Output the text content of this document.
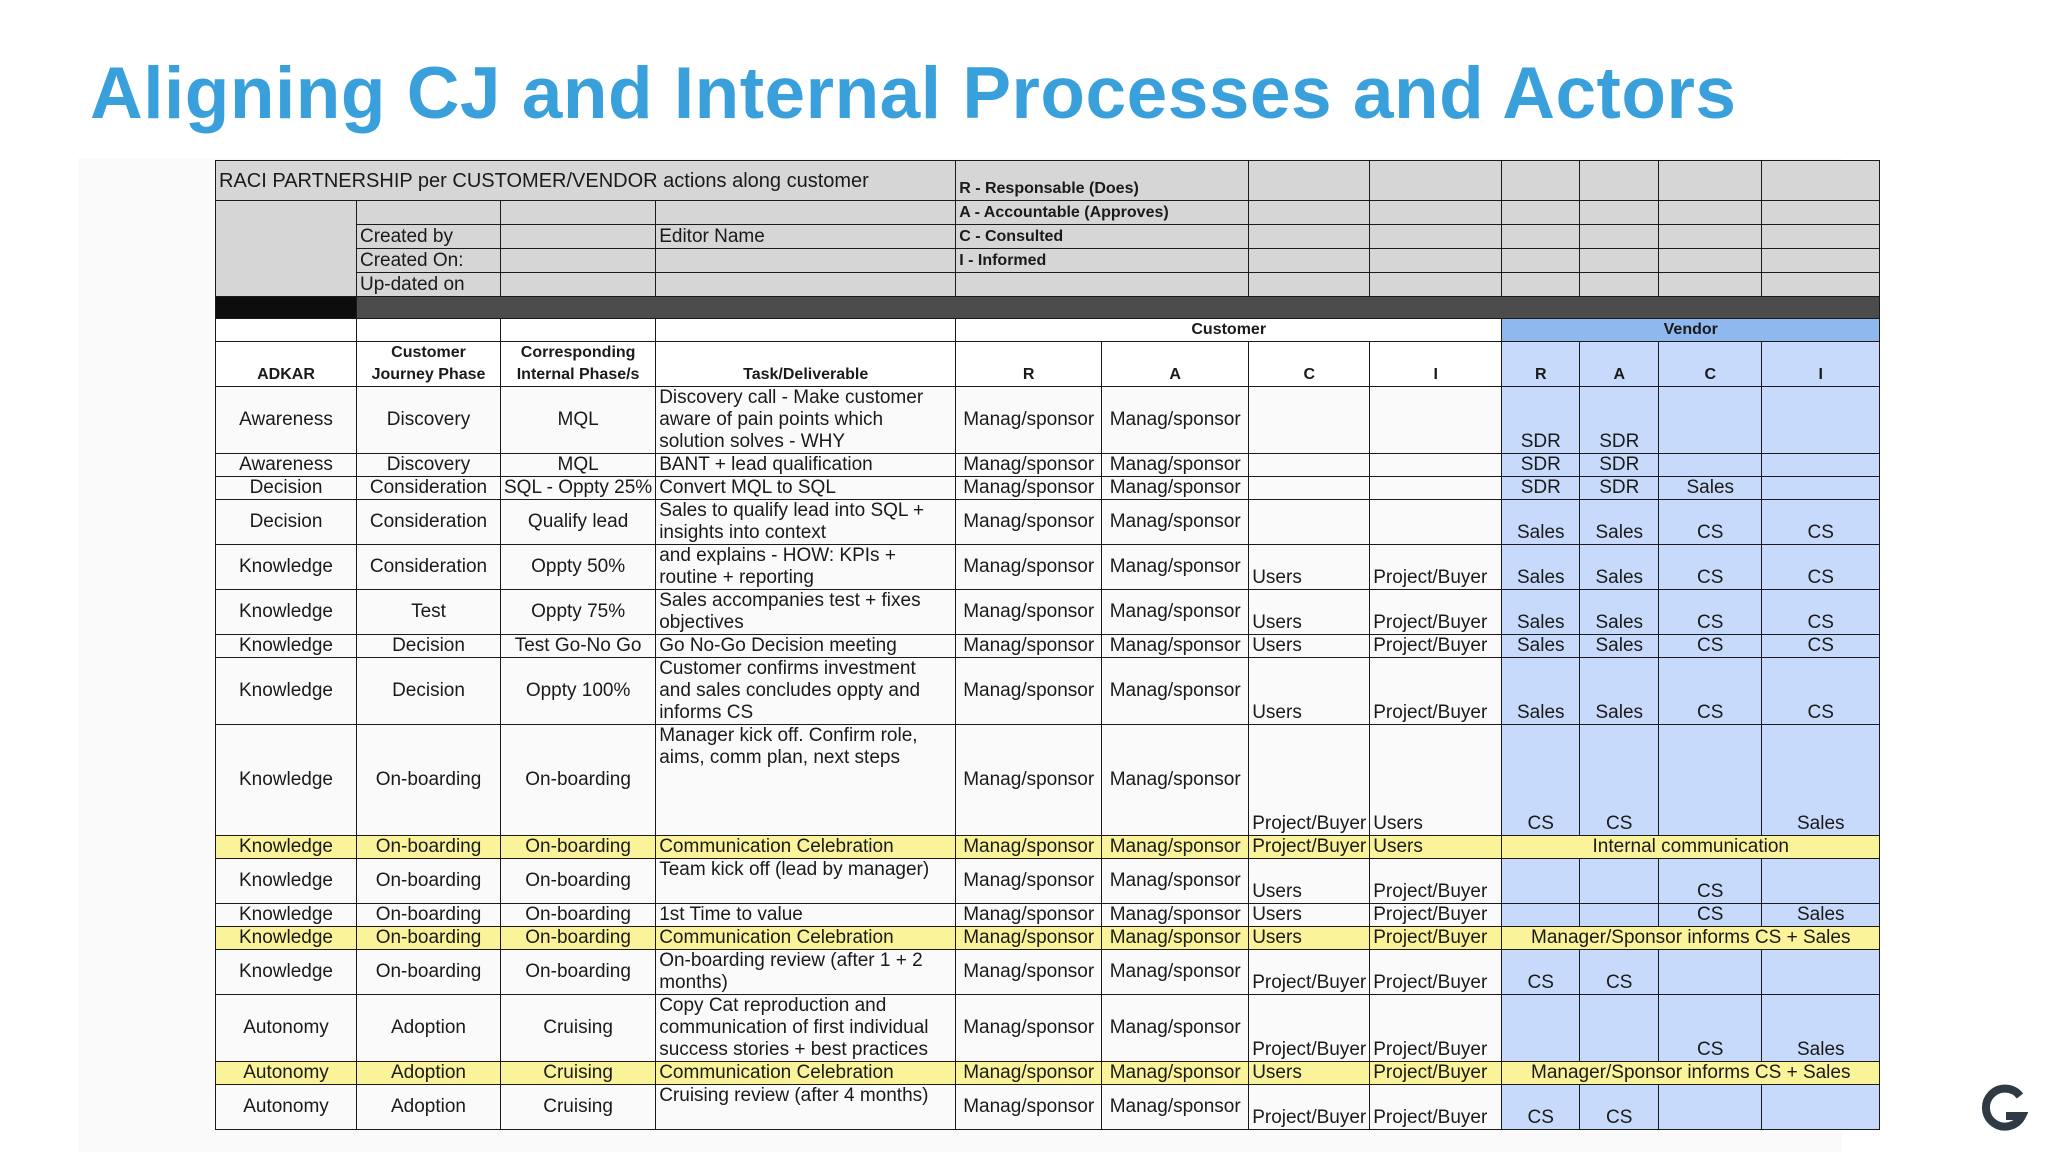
Aligning CJ and Internal Processes and Actors
RACI PARTNERSHIP per CUSTOMER/VENDOR actions along customer				R - Responsable (Does)							
				A - Accountable (Approves)							
	Created by		Editor Name	C - Consulted							
	Created On:			I - Informed							
	Up-dated on										

				Customer				Vendor			
ADKAR	Customer Journey Phase	Corresponding Internal Phase/s	Task/Deliverable	R	A	C	I	R	A	C	I
Awareness	Discovery	MQL	Discovery call - Make customer aware of pain points which solution solves - WHY	Manag/sponsor	Manag/sponsor			SDR	SDR		
Awareness	Discovery	MQL	BANT + lead qualification	Manag/sponsor	Manag/sponsor			SDR	SDR		
Decision	Consideration	SQL - Oppty 25%	Convert MQL to SQL	Manag/sponsor	Manag/sponsor			SDR	SDR	Sales	
Decision	Consideration	Qualify lead	Sales to qualify lead into SQL + insights into context	Manag/sponsor	Manag/sponsor			Sales	Sales	CS	CS
Knowledge	Consideration	Oppty 50%	and explains - HOW: KPIs + routine + reporting	Manag/sponsor	Manag/sponsor	Users	Project/Buyer	Sales	Sales	CS	CS
Knowledge	Test	Oppty 75%	Sales accompanies test + fixes objectives	Manag/sponsor	Manag/sponsor	Users	Project/Buyer	Sales	Sales	CS	CS
Knowledge	Decision	Test Go-No Go	Go No-Go Decision meeting	Manag/sponsor	Manag/sponsor	Users	Project/Buyer	Sales	Sales	CS	CS
Knowledge	Decision	Oppty 100%	Customer confirms investment and sales concludes oppty and informs CS	Manag/sponsor	Manag/sponsor	Users	Project/Buyer	Sales	Sales	CS	CS
Knowledge	On-boarding	On-boarding	Manager kick off. Confirm role, aims, comm plan, next steps	Manag/sponsor	Manag/sponsor	Project/Buyer	Users	CS	CS		Sales
Knowledge	On-boarding	On-boarding	Communication Celebration	Manag/sponsor	Manag/sponsor	Project/Buyer	Users	Internal communication			
Knowledge	On-boarding	On-boarding	Team kick off (lead by manager)	Manag/sponsor	Manag/sponsor	Users	Project/Buyer			CS	
Knowledge	On-boarding	On-boarding	1st Time to value	Manag/sponsor	Manag/sponsor	Users	Project/Buyer			CS	Sales
Knowledge	On-boarding	On-boarding	Communication Celebration	Manag/sponsor	Manag/sponsor	Users	Project/Buyer	Manager/Sponsor informs CS + Sales			
Knowledge	On-boarding	On-boarding	On-boarding review (after 1 + 2 months)	Manag/sponsor	Manag/sponsor	Project/Buyer	Project/Buyer	CS	CS		
Autonomy	Adoption	Cruising	Copy Cat reproduction and communication of first individual success stories + best practices	Manag/sponsor	Manag/sponsor	Project/Buyer	Project/Buyer			CS	Sales
Autonomy	Adoption	Cruising	Communication Celebration	Manag/sponsor	Manag/sponsor	Users	Project/Buyer	Manager/Sponsor informs CS + Sales			
Autonomy	Adoption	Cruising	Cruising review (after 4 months)	Manag/sponsor	Manag/sponsor	Project/Buyer	Project/Buyer	CS	CS		
